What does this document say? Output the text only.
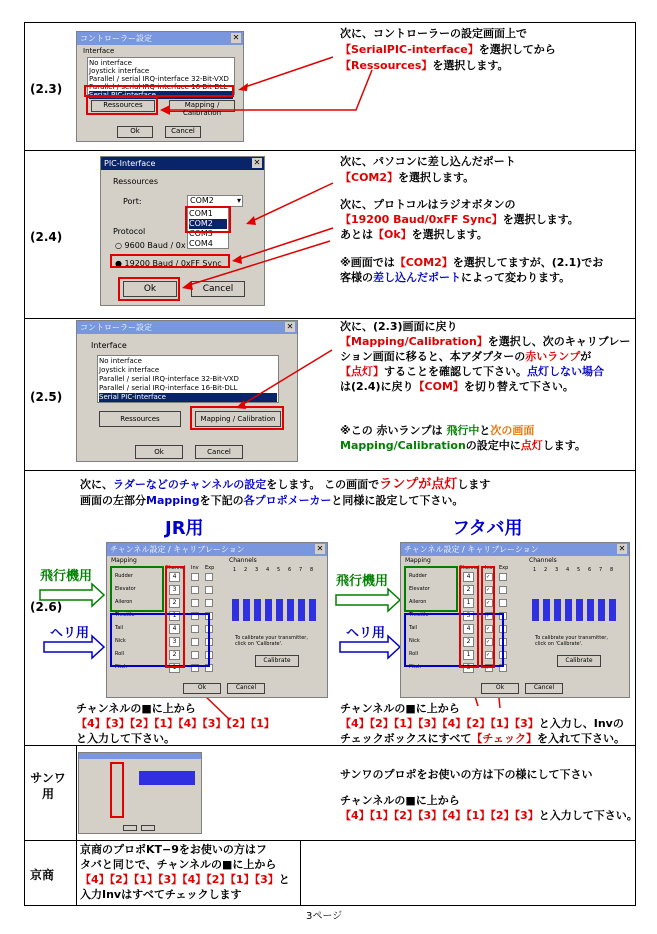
(2.3)
コントローラー設定	✕
Interface
No interface
Joystick interface
Parallel / serial IRQ-interface 32-Bit-VXD
Parallel / serial IRQ-interface 16-Bit-DLL
Serial PIC-interface
Ressources	Mapping / Calibration
Ok	Cancel
次に、コントローラーの設定画面上で
【SerialPIC-interface】を選択してから
【Ressources】を選択します。
(2.4)
PIC-Interface	✕
Ressources
Port:	COM2	▾
COM1
COM2
COM3
COM4
Protocol
○ 9600 Baud / 0x
● 19200 Baud / 0xFF Sync
Ok	Cancel
次に、パソコンに差し込んだポート
【COM2】を選択します。
次に、プロトコルはラジオボタンの
【19200 Baud/0xFF Sync】を選択します。
あとは【Ok】を選択します。
※画面では【COM2】を選択してますが、(2.1)でお
客様の差し込んだポートによって変わります。
(2.5)
コントローラー設定	✕
Interface
No interface
Joystick interface
Parallel / serial IRQ-interface 32-Bit-VXD
Parallel / serial IRQ-interface 16-Bit-DLL
Serial PIC-interface
Ressources	Mapping / Calibration
Ok	Cancel
次に、(2.3)画面に戻り
【Mapping/Calibration】を選択し、次のキャリブレー
ション画面に移ると、本アダプターの赤いランプが
【点灯】することを確認して下さい。点灯しない場合
は(2.4)に戻り【COM】を切り替えて下さい。
※この 赤いランプは 飛行中と次の画面
Mapping/Calibrationの設定中に点灯します。
(2.6)
次に、ラダーなどのチャンネルの設定をします。 この画面でランプが点灯します
画面の左部分Mappingを下記の各プロポメーカーと同様に設定して下さい。
JR用	フタバ用
飛行機用
ヘリ用
飛行機用
ヘリ用
チャンネル設定 / キャリブレーション	✕
Mapping	Channels
Channel Inv Exp
To calibrate your transmitter, click on 'Calibrate'.
Calibrate
Ok	Cancel
Rudder	4
Elevator	3
Aileron	2
Throttle	1
Tail	4
Nick	3
Roll	2
Pitch	1
1 2 3 4 5 6 7 8
チャンネル設定 / キャリブレーション	✕
Mapping	Channels
Channel Inv Exp
To calibrate your transmitter, click on 'Calibrate'.
Calibrate
Ok	Cancel
Rudder	4	✓
Elevator	2	✓
Aileron	1	✓
Throttle	3	✓
Tail	4	✓
Nick	2	✓
Roll	1	✓
Pitch	3	✓
1 2 3 4 5 6 7 8
チャンネルの■に上から
【4】【3】【2】【1】【4】【3】【2】【1】
と入力して下さい。
チャンネルの■に上から
【4】【2】【1】【3】【4】【2】【1】【3】と入力し、Invの
チェックボックスにすべて【チェック】を入れて下さい。
サンワ用
サンワのプロポをお使いの方は下の様にして下さい
チャンネルの■に上から
【4】【1】【2】【3】【4】【1】【2】【3】と入力して下さい。
京商
京商のプロポKT−9をお使いの方はフ
タバと同じで、チャンネルの■に上から
【4】【2】【1】【3】【4】【2】【1】【3】と
入力Invはすべてチェックします
3ページ
